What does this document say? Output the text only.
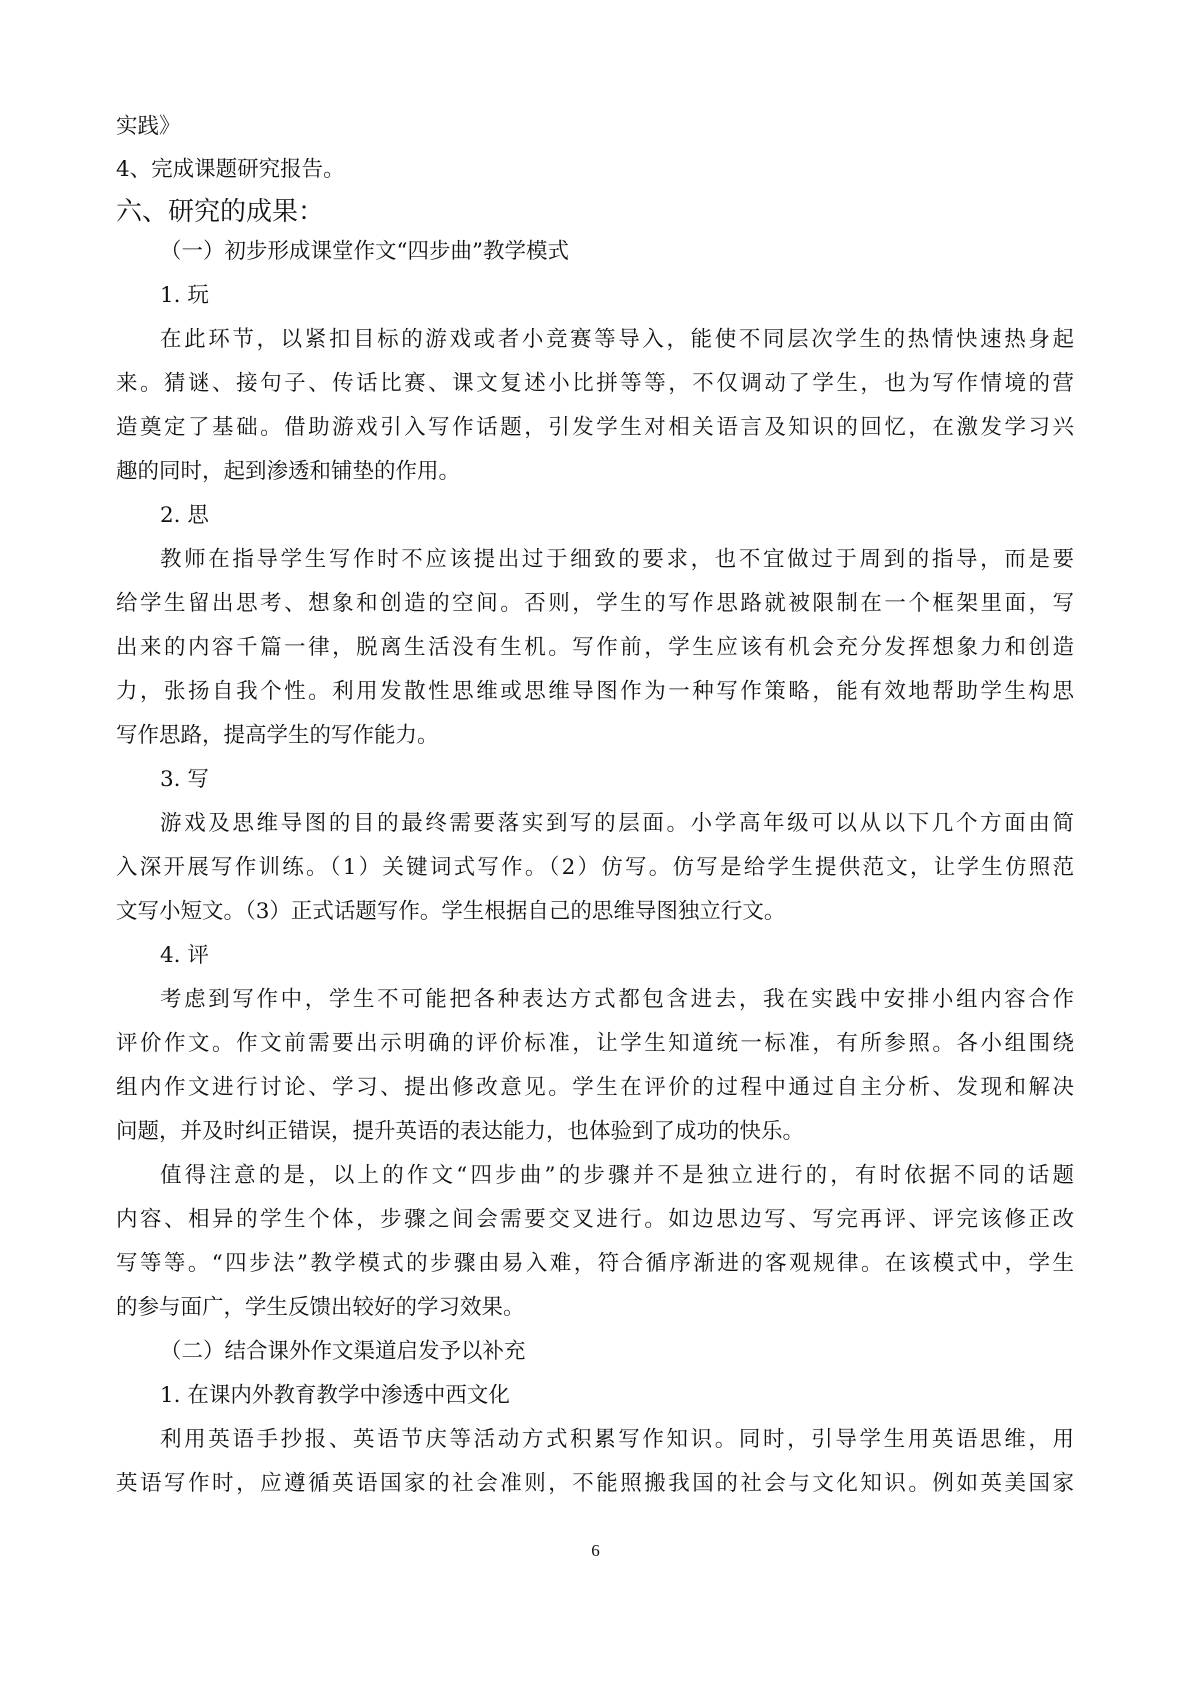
实践》
4、完成课题研究报告。
六、研究的成果：
（一）初步形成课堂作文“四步曲”教学模式
1. 玩
在此环节，以紧扣目标的游戏或者小竞赛等导入，能使不同层次学生的热情快速热身起
来。猜谜、接句子、传话比赛、课文复述小比拼等等，不仅调动了学生，也为写作情境的营
造奠定了基础。借助游戏引入写作话题，引发学生对相关语言及知识的回忆，在激发学习兴
趣的同时，起到渗透和铺垫的作用。
2. 思
教师在指导学生写作时不应该提出过于细致的要求，也不宜做过于周到的指导，而是要
给学生留出思考、想象和创造的空间。否则，学生的写作思路就被限制在一个框架里面，写
出来的内容千篇一律，脱离生活没有生机。写作前，学生应该有机会充分发挥想象力和创造
力，张扬自我个性。利用发散性思维或思维导图作为一种写作策略，能有效地帮助学生构思
写作思路，提高学生的写作能力。
3. 写
游戏及思维导图的目的最终需要落实到写的层面。小学高年级可以从以下几个方面由简
入深开展写作训练。（1）关键词式写作。（2）仿写。仿写是给学生提供范文，让学生仿照范
文写小短文。（3）正式话题写作。学生根据自己的思维导图独立行文。
4. 评
考虑到写作中，学生不可能把各种表达方式都包含进去，我在实践中安排小组内容合作
评价作文。作文前需要出示明确的评价标准，让学生知道统一标准，有所参照。各小组围绕
组内作文进行讨论、学习、提出修改意见。学生在评价的过程中通过自主分析、发现和解决
问题，并及时纠正错误，提升英语的表达能力，也体验到了成功的快乐。
值得注意的是，以上的作文“四步曲”的步骤并不是独立进行的，有时依据不同的话题
内容、相异的学生个体，步骤之间会需要交叉进行。如边思边写、写完再评、评完该修正改
写等等。“四步法”教学模式的步骤由易入难，符合循序渐进的客观规律。在该模式中，学生
的参与面广，学生反馈出较好的学习效果。
（二）结合课外作文渠道启发予以补充
1. 在课内外教育教学中渗透中西文化
利用英语手抄报、英语节庆等活动方式积累写作知识。同时，引导学生用英语思维，用
英语写作时，应遵循英语国家的社会准则，不能照搬我国的社会与文化知识。例如英美国家
6
